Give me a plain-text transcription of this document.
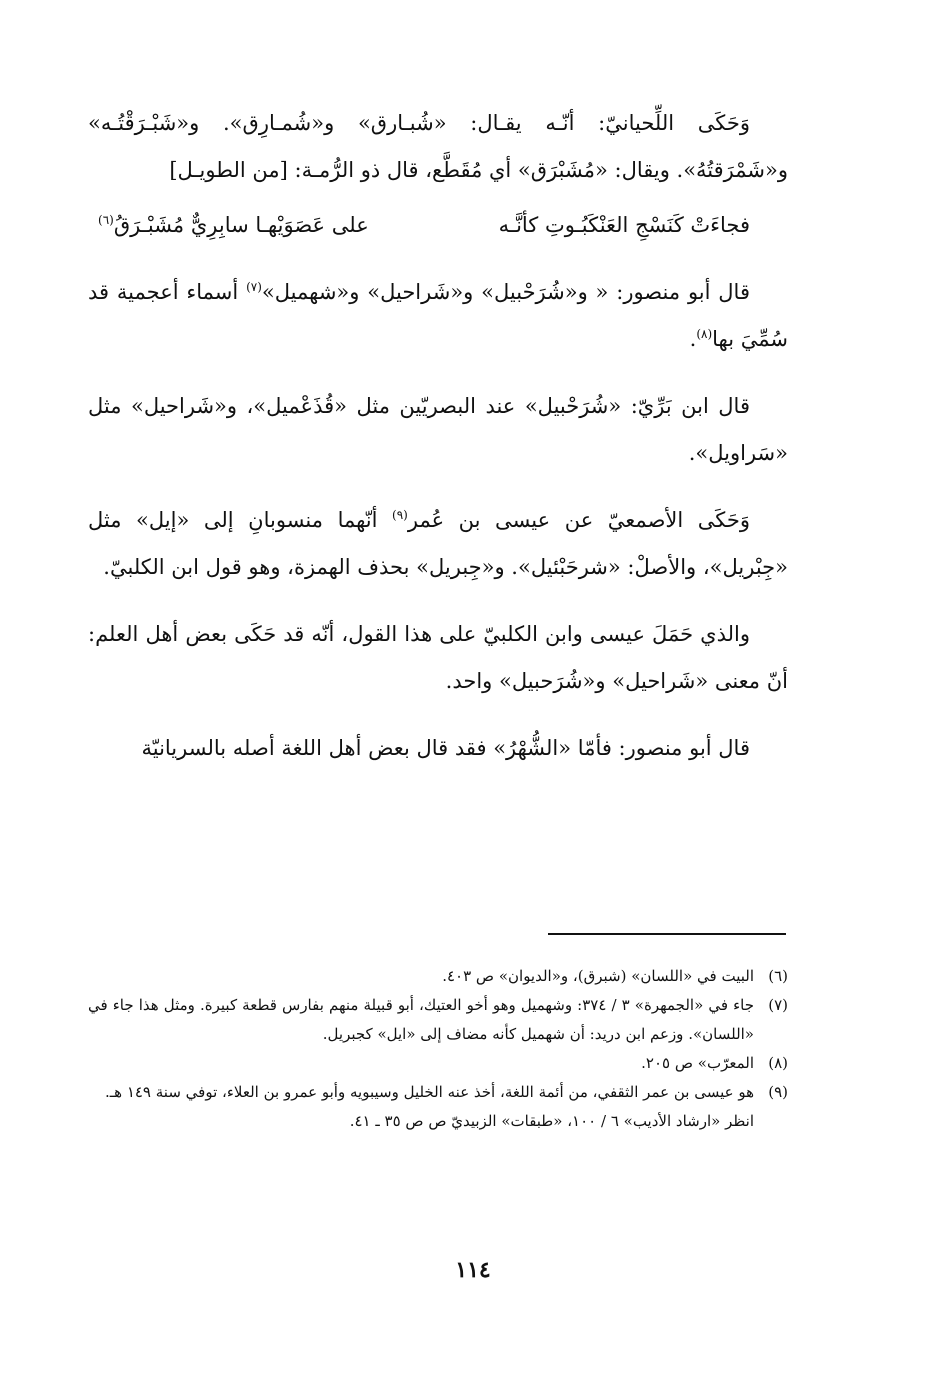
وَحَكَى اللِّحيانيّ: أنّـه يقـال: «شُبـارق» و«شُمـارِق». و«شَبْـرَقْتُـه» و«شَمْرَقتُهُ». ويقال: «مُشَبْرَق» أي مُقَطَّع، قال ذو الرُّمـة: [من الطويـل]

فجاءَتْ كَنَسْجِ العَنْكَبُـوتِ كأنَّـه
على عَصَوَيْهـا سابِرِيٌّ مُشَبْـرَقُ$^{(٦)}$

قال أبو منصور: « و«شُرَحْبيل» و«شَراحيل» و«شهميل»$^{(٧)}$ أسماء أعجمية قد سُمِّيَ بها$^{(٨)}$.

قال ابن بَرِّيّ: «شُرَحْبيل» عند البصريّين مثل «قُذَعْميل»، و«شَراحيل» مثل «سَراويل».

وَحَكَى الأصمعيّ عن عيسى بن عُمر$^{(٩)}$ أنّهما منسوبانِ إلى «إيل» مثل «جِبْريل»، والأصلْ: «شرحَبْئيل». و«جِبريل» بحذف الهمزة، وهو قول ابن الكلبيّ.

والذي حَمَلَ عيسى وابن الكلبيّ على هذا القول، أنّه قد حَكَى بعض أهل العلم: أنّ معنى «شَراحيل» و«شُرَحبيل» واحد.

قال أبو منصور: فأمّا «الشُّهْرُ» فقد قال بعض أهل اللغة أصله بالسريانيّة

(٦)
البيت في «اللسان» (شبرق)، و«الديوان» ص ٤٠٣.
(٧)
جاء في «الجمهرة» ٣ / ٣٧٤: وشهميل وهو أخو العتيك، أبو قبيلة منهم بفارس قطعة كبيرة. ومثل هذا جاء في «اللسان». وزعم ابن دريد: أن شهميل كأنه مضاف إلى «ايل» كجبريل.
(٨)
المعرّب» ص ٢٠٥.
(٩)
هو عيسى بن عمر الثقفي، من أئمة اللغة، أخذ عنه الخليل وسيبويه وأبو عمرو بن العلاء، توفي سنة ١٤٩ هـ.

انظر «ارشاد الأديب» ٦ / ١٠٠، «طبقات» الزبيديّ ص ص ٣٥ ـ ٤١.

١١٤
